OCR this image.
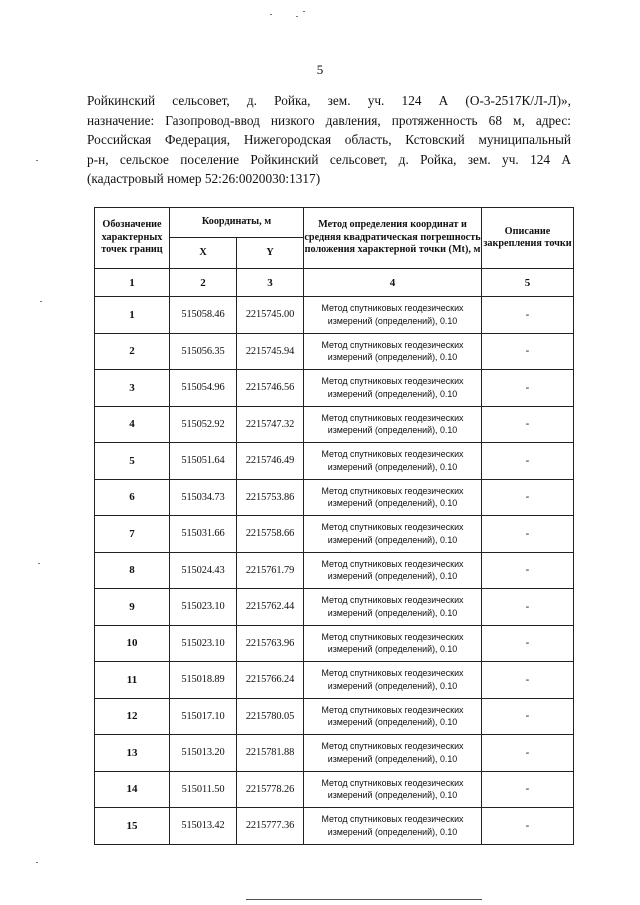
5
Ройкинский сельсовет, д. Ройка, зем. уч. 124 А (О-3-2517К/Л-Л)»,
назначение: Газопровод-ввод низкого давления, протяженность 68 м, адрес:
Российская Федерация, Нижегородская область, Кстовский муниципальный
р-н, сельское поселение Ройкинский сельсовет, д. Ройка, зем. уч. 124 А
(кадастровый номер 52:26:0020030:1317)
Обозначение характерных точек границ	Координаты, м		Метод определения координат и средняя квадратическая погрешность положения характерной точки (Mt), м	Описание закрепления точки
	X	Y		
1	2	3	4	5
1	515058.46	2215745.00	Метод спутниковых геодезических измерений (определений), 0.10	-
2	515056.35	2215745.94	Метод спутниковых геодезических измерений (определений), 0.10	-
3	515054.96	2215746.56	Метод спутниковых геодезических измерений (определений), 0.10	-
4	515052.92	2215747.32	Метод спутниковых геодезических измерений (определений), 0.10	-
5	515051.64	2215746.49	Метод спутниковых геодезических измерений (определений), 0.10	-
6	515034.73	2215753.86	Метод спутниковых геодезических измерений (определений), 0.10	-
7	515031.66	2215758.66	Метод спутниковых геодезических измерений (определений), 0.10	-
8	515024.43	2215761.79	Метод спутниковых геодезических измерений (определений), 0.10	-
9	515023.10	2215762.44	Метод спутниковых геодезических измерений (определений), 0.10	-
10	515023.10	2215763.96	Метод спутниковых геодезических измерений (определений), 0.10	-
11	515018.89	2215766.24	Метод спутниковых геодезических измерений (определений), 0.10	-
12	515017.10	2215780.05	Метод спутниковых геодезических измерений (определений), 0.10	-
13	515013.20	2215781.88	Метод спутниковых геодезических измерений (определений), 0.10	-
14	515011.50	2215778.26	Метод спутниковых геодезических измерений (определений), 0.10	-
15	515013.42	2215777.36	Метод спутниковых геодезических измерений (определений), 0.10	-
